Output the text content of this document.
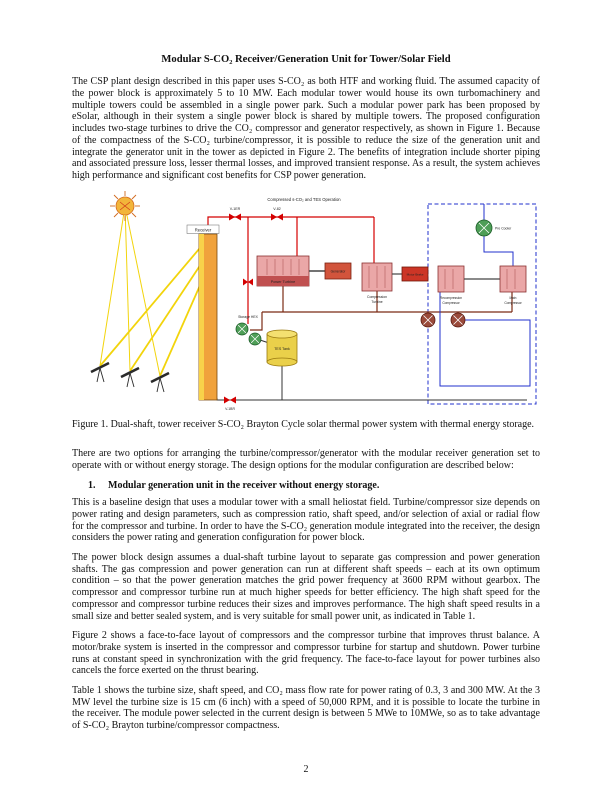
Modular S-CO₂ Receiver/Generation Unit for Tower/Solar Field

The CSP plant design described in this paper uses S-CO₂ as both HTF and working fluid. The assumed capacity of the power block is approximately 5 to 10 MW. Each modular tower would house its own turbomachinery and multiple towers could be assembled in a single power park. Such a modular power park has been proposed by eSolar, although in their system a single power block is shared by multiple towers. The proposed configuration includes two-stage turbines to drive the CO₂ compressor and generator respectively, as shown in Figure 1. Because of the compactness of the S-CO₂ turbine/compressor, it is possible to reduce the size of the generation unit and integrate the generator unit in the tower as depicted in Figure 2. The benefits of integration include shorter piping and associated pressure loss, lesser thermal losses, and improved transient response. As a result, the system achieves high performance and significant cost benefits for CSP power generation.

Receiver
V-1ER	V-82
Compressed s-CO₂ and TES Operation
Power Turbine
Generator
Compression
Turbine
Motor Brake
Pre Cooler
Recompression
Compressor
Main
Compressor
Storage HEX
TES Tank
V-1BR
Figure 1. Dual-shaft, tower receiver S-CO₂ Brayton Cycle solar thermal power system with thermal energy storage.

There are two options for arranging the turbine/compressor/generator with the modular receiver generation set to operate with or without energy storage. The design options for the modular configuration are described below:

1.	Modular generation unit in the receiver without energy storage.

This is a baseline design that uses a modular tower with a small heliostat field. Turbine/compressor size depends on power rating and design parameters, such as compression ratio, shaft speed, and/or selection of axial or radial flow for the compressor and turbine. In order to have the S-CO₂ generation module integrated into the receiver, the design considers the power rating and generation configuration for power block.

The power block design assumes a dual-shaft turbine layout to separate gas compression and power generation shafts. The gas compression and power generation can run at different shaft speeds – each at its own optimum condition – so that the power generation matches the grid power frequency at 3600 RPM without gearbox. The compressor and compressor turbine run at much higher speeds for better efficiency. The high shaft speed for the compressor and compressor turbine reduces their sizes and improves performance. The high shaft speed results in a small size and better sealed system, and is very suitable for small power unit, as indicated in Table 1.

Figure 2 shows a face-to-face layout of compressors and the compressor turbine that improves thrust balance. A motor/brake system is inserted in the compressor and compressor turbine for startup and shutdown. Power turbine runs at constant speed in synchronization with the grid frequency. The face-to-face layout for power turbines also cancels the force exerted on the thrust bearing.

Table 1 shows the turbine size, shaft speed, and CO₂ mass flow rate for power rating of 0.3, 3 and 300 MW. At the 3 MW level the turbine size is 15 cm (6 inch) with a speed of 50,000 RPM, and it is possible to locate the turbine in the receiver. The module power selected in the current design is between 5 MWe to 10MWe, so as to take advantage of S-CO₂ Brayton turbine/compressor compactness.

2
